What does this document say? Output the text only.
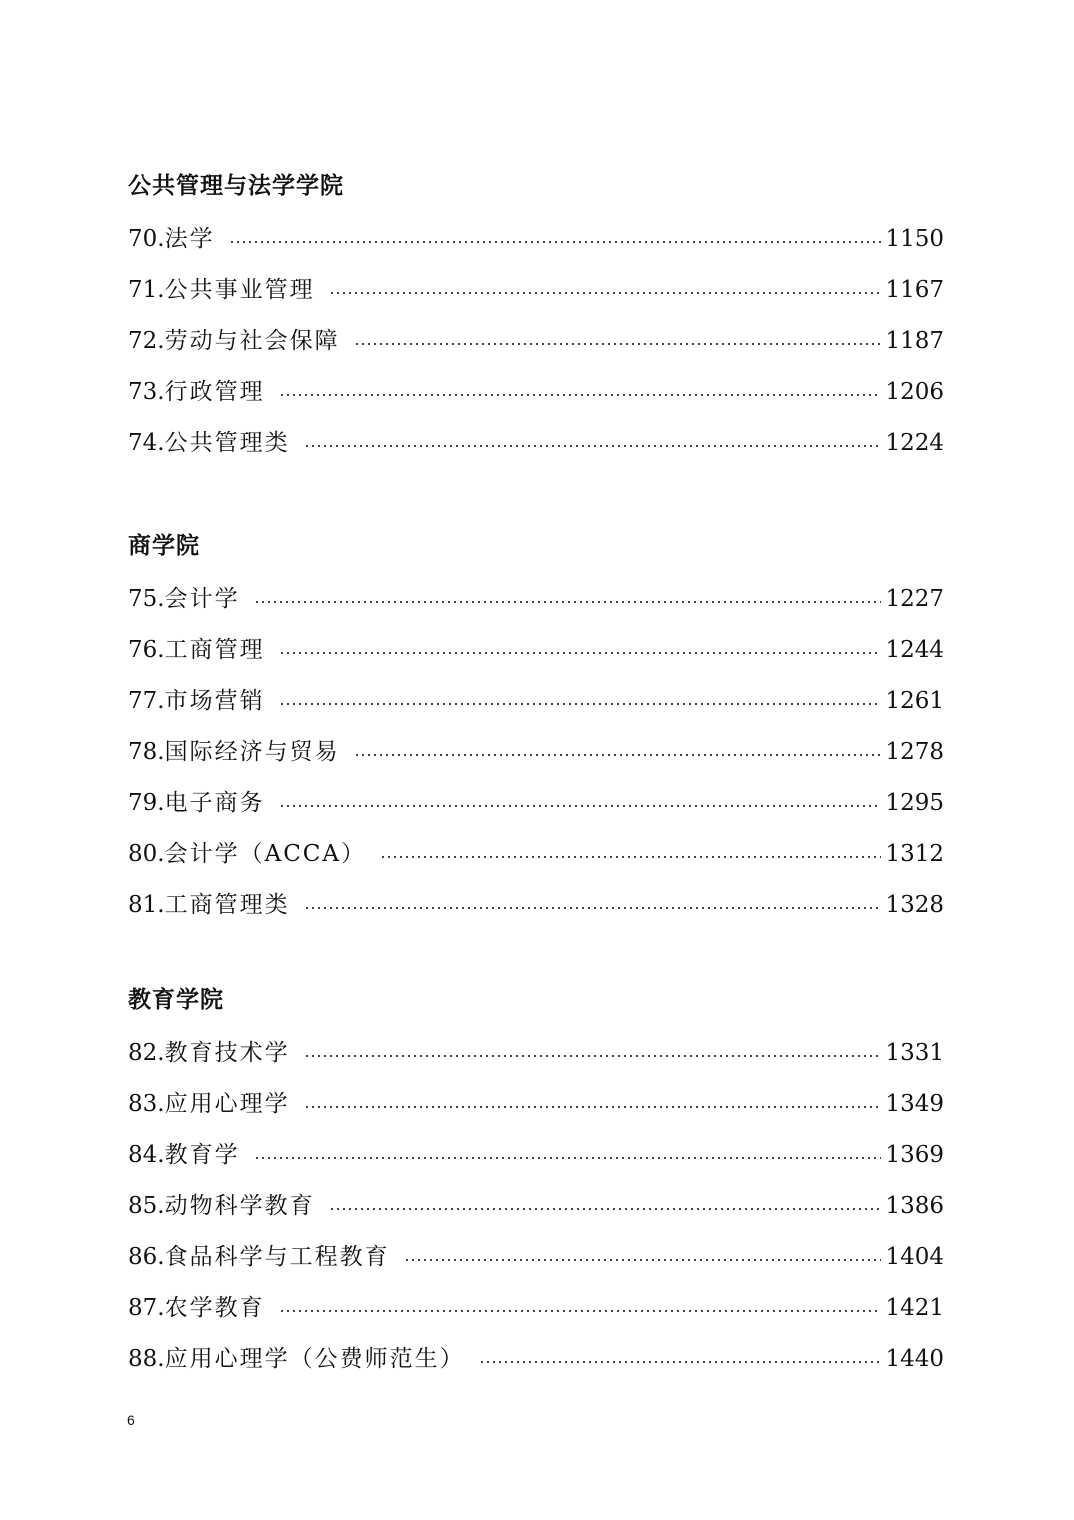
公共管理与法学学院
70. 法学	1150
71. 公共事业管理	1167
72. 劳动与社会保障	1187
73. 行政管理	1206
74. 公共管理类	1224
商学院
75. 会计学	1227
76. 工商管理	1244
77. 市场营销	1261
78. 国际经济与贸易	1278
79. 电子商务	1295
80. 会计学（ACCA）	1312
81. 工商管理类	1328
教育学院
82. 教育技术学	1331
83. 应用心理学	1349
84. 教育学	1369
85. 动物科学教育	1386
86. 食品科学与工程教育	1404
87. 农学教育	1421
88. 应用心理学（公费师范生）	1440
6
